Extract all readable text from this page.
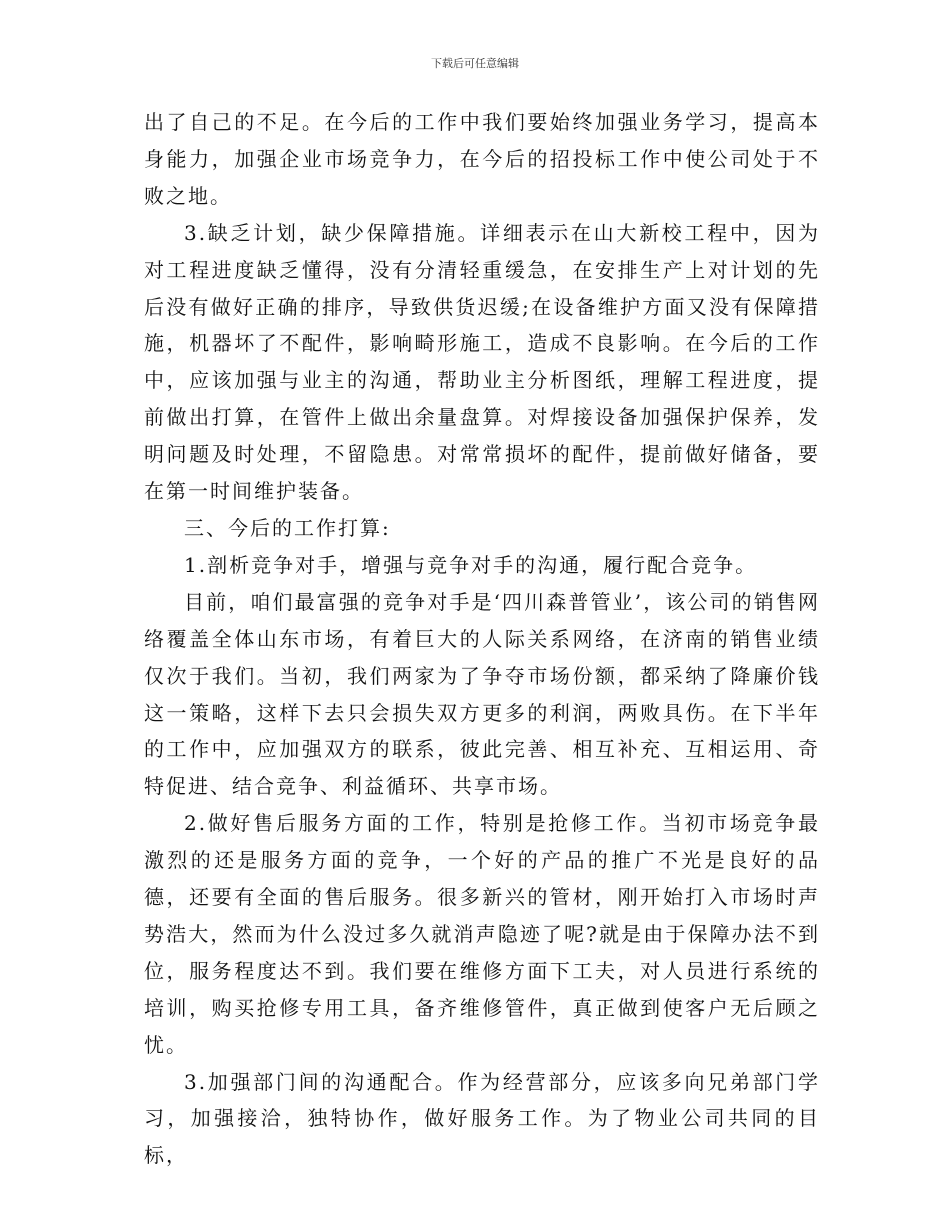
下载后可任意编辑

出了自己的不足。在今后的工作中我们要始终加强业务学习，提高本身能力，加强企业市场竞争力，在今后的招投标工作中使公司处于不败之地。

3.缺乏计划，缺少保障措施。详细表示在山大新校工程中，因为对工程进度缺乏懂得，没有分清轻重缓急，在安排生产上对计划的先后没有做好正确的排序，导致供货迟缓;在设备维护方面又没有保障措施，机器坏了不配件，影响畸形施工，造成不良影响。在今后的工作中，应该加强与业主的沟通，帮助业主分析图纸，理解工程进度，提前做出打算，在管件上做出余量盘算。对焊接设备加强保护保养，发明问题及时处理，不留隐患。对常常损坏的配件，提前做好储备，要在第一时间维护装备。

三、今后的工作打算:

1.剖析竞争对手，增强与竞争对手的沟通，履行配合竞争。

目前，咱们最富强的竞争对手是‘四川森普管业’，该公司的销售网络覆盖全体山东市场，有着巨大的人际关系网络，在济南的销售业绩仅次于我们。当初，我们两家为了争夺市场份额，都采纳了降廉价钱这一策略，这样下去只会损失双方更多的利润，两败具伤。在下半年的工作中，应加强双方的联系，彼此完善、相互补充、互相运用、奇特促进、结合竞争、利益循环、共享市场。

2.做好售后服务方面的工作，特别是抢修工作。当初市场竞争最激烈的还是服务方面的竞争，一个好的产品的推广不光是良好的品德，还要有全面的售后服务。很多新兴的管材，刚开始打入市场时声势浩大，然而为什么没过多久就消声隐迹了呢?就是由于保障办法不到位，服务程度达不到。我们要在维修方面下工夫，对人员进行系统的培训，购买抢修专用工具，备齐维修管件，真正做到使客户无后顾之忧。

3.加强部门间的沟通配合。作为经营部分，应该多向兄弟部门学习，加强接洽，独特协作，做好服务工作。为了物业公司共同的目标，
